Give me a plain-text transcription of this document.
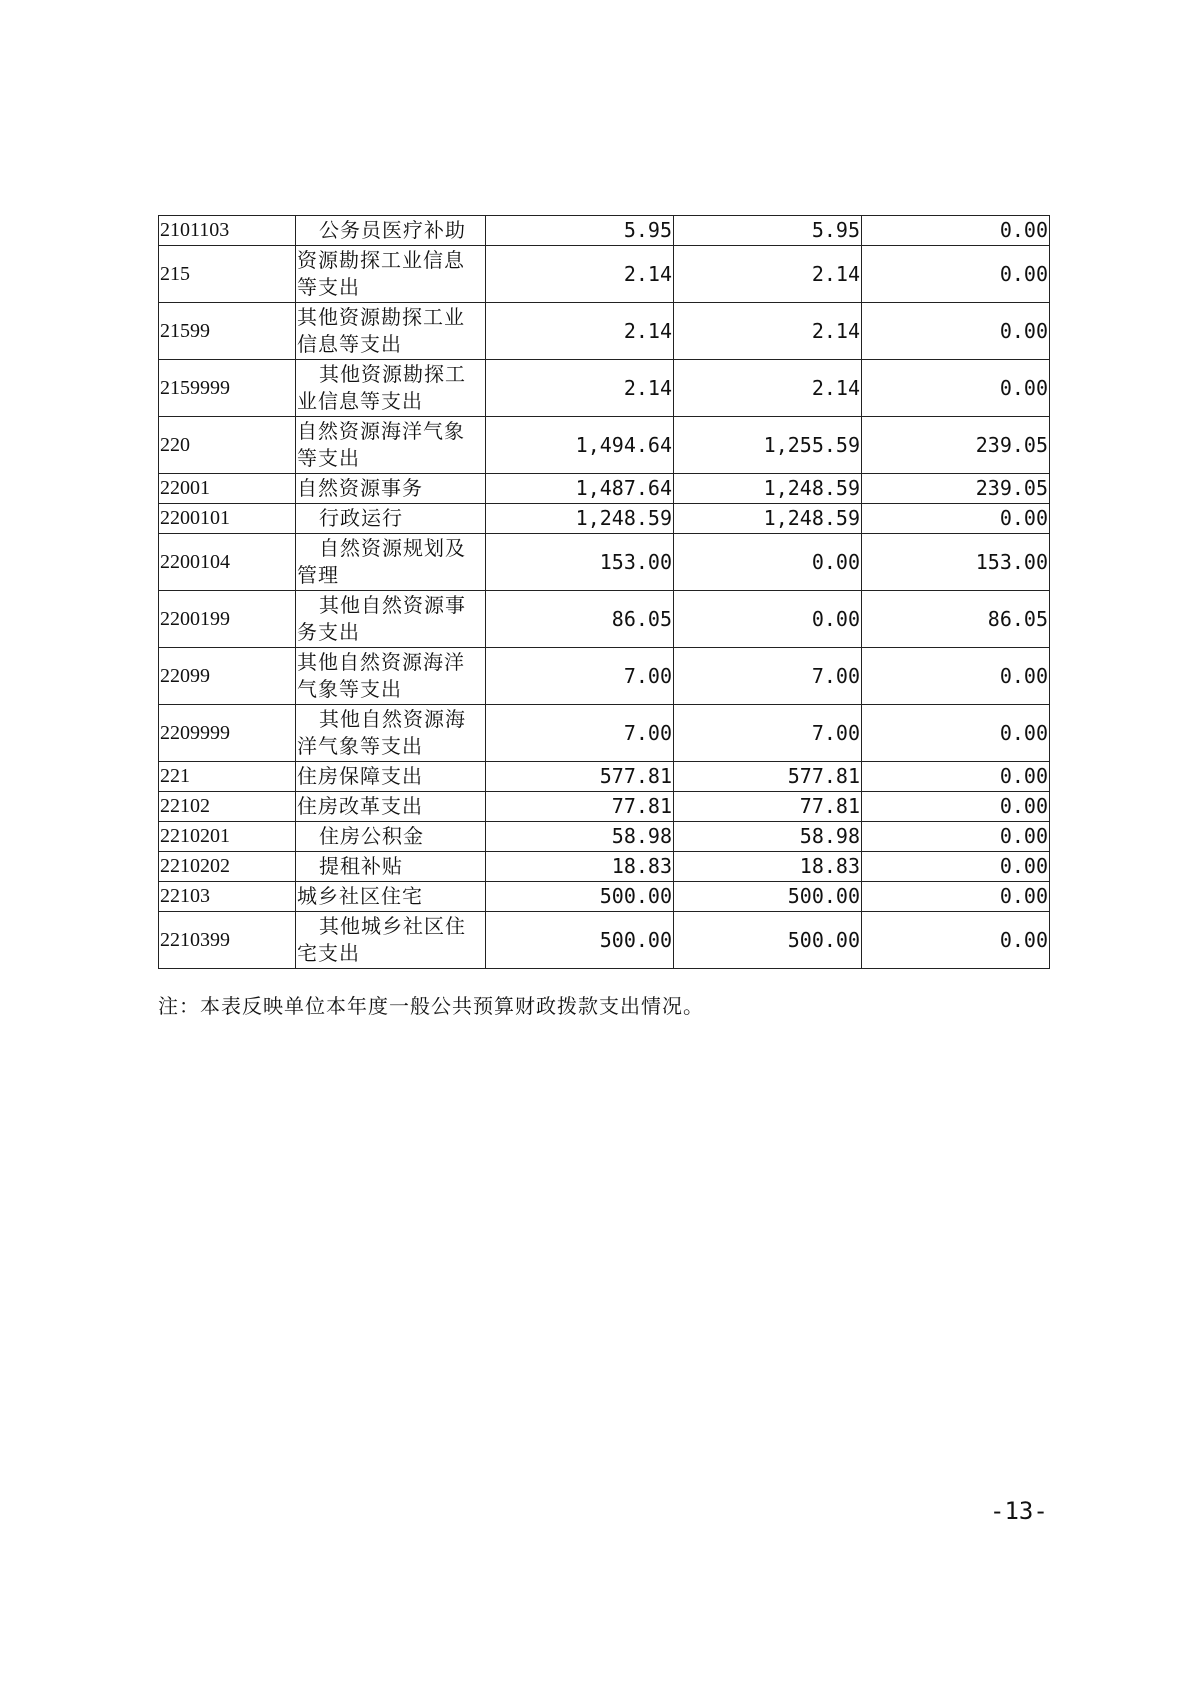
2101103	公务员医疗补助	5.95	5.95	0.00
215	资源勘探工业信息等支出	2.14	2.14	0.00
21599	其他资源勘探工业信息等支出	2.14	2.14	0.00
2159999	其他资源勘探工业信息等支出	2.14	2.14	0.00
220	自然资源海洋气象等支出	1,494.64	1,255.59	239.05
22001	自然资源事务	1,487.64	1,248.59	239.05
2200101	行政运行	1,248.59	1,248.59	0.00
2200104	自然资源规划及管理	153.00	0.00	153.00
2200199	其他自然资源事务支出	86.05	0.00	86.05
22099	其他自然资源海洋气象等支出	7.00	7.00	0.00
2209999	其他自然资源海洋气象等支出	7.00	7.00	0.00
221	住房保障支出	577.81	577.81	0.00
22102	住房改革支出	77.81	77.81	0.00
2210201	住房公积金	58.98	58.98	0.00
2210202	提租补贴	18.83	18.83	0.00
22103	城乡社区住宅	500.00	500.00	0.00
2210399	其他城乡社区住宅支出	500.00	500.00	0.00
注：本表反映单位本年度一般公共预算财政拨款支出情况。
-13-
